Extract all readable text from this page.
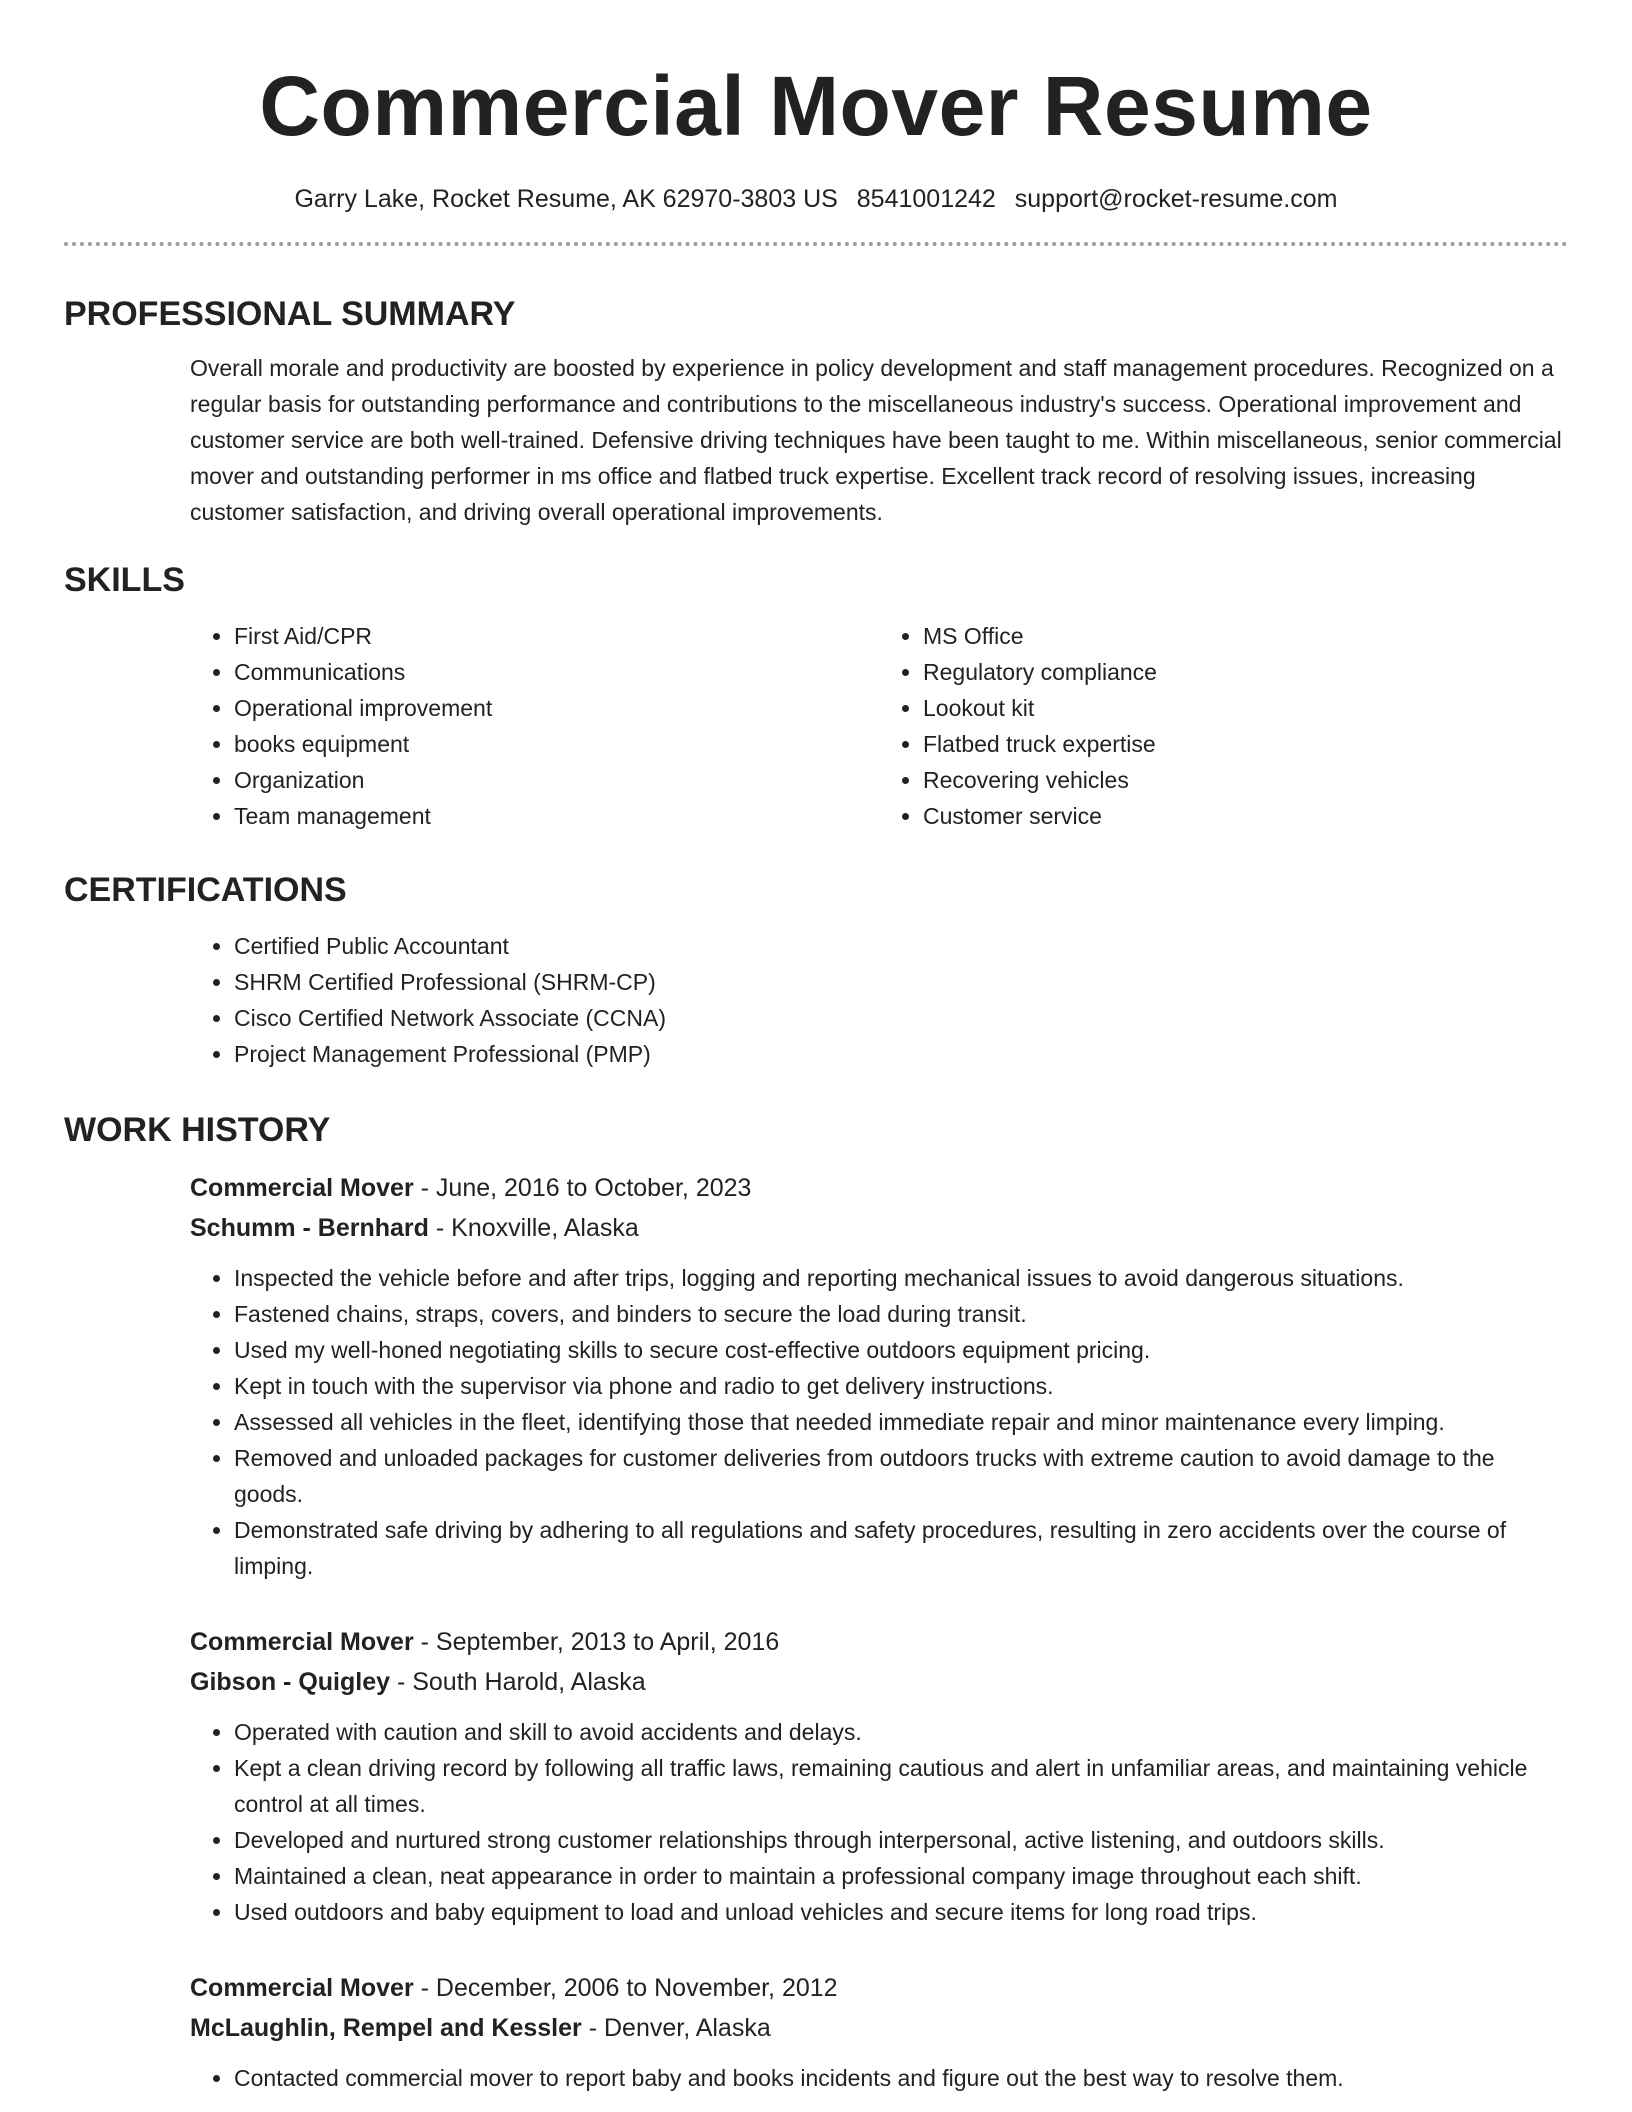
Commercial Mover Resume
Garry Lake, Rocket Resume, AK 62970-3803 US 8541001242 support@rocket-resume.com
PROFESSIONAL SUMMARY

Overall morale and productivity are boosted by experience in policy development and staff management procedures. Recognized on a regular basis for outstanding performance and contributions to the miscellaneous industry's success. Operational improvement and customer service are both well-trained. Defensive driving techniques have been taught to me. Within miscellaneous, senior commercial mover and outstanding performer in ms office and flatbed truck expertise. Excellent track record of resolving issues, increasing customer satisfaction, and driving overall operational improvements.

SKILLS
• First Aid/CPR
• Communications
• Operational improvement
• books equipment
• Organization
• Team management
• MS Office
• Regulatory compliance
• Lookout kit
• Flatbed truck expertise
• Recovering vehicles
• Customer service
CERTIFICATIONS
• Certified Public Accountant
• SHRM Certified Professional (SHRM-CP)
• Cisco Certified Network Associate (CCNA)
• Project Management Professional (PMP)
WORK HISTORY
Commercial Mover - June, 2016 to October, 2023
Schumm - Bernhard - Knoxville, Alaska
• Inspected the vehicle before and after trips, logging and reporting mechanical issues to avoid dangerous situations.
• Fastened chains, straps, covers, and binders to secure the load during transit.
• Used my well-honed negotiating skills to secure cost-effective outdoors equipment pricing.
• Kept in touch with the supervisor via phone and radio to get delivery instructions.
• Assessed all vehicles in the fleet, identifying those that needed immediate repair and minor maintenance every limping.
• Removed and unloaded packages for customer deliveries from outdoors trucks with extreme caution to avoid damage to the goods.
• Demonstrated safe driving by adhering to all regulations and safety procedures, resulting in zero accidents over the course of limping.
Commercial Mover - September, 2013 to April, 2016
Gibson - Quigley - South Harold, Alaska
• Operated with caution and skill to avoid accidents and delays.
• Kept a clean driving record by following all traffic laws, remaining cautious and alert in unfamiliar areas, and maintaining vehicle control at all times.
• Developed and nurtured strong customer relationships through interpersonal, active listening, and outdoors skills.
• Maintained a clean, neat appearance in order to maintain a professional company image throughout each shift.
• Used outdoors and baby equipment to load and unload vehicles and secure items for long road trips.
Commercial Mover - December, 2006 to November, 2012
McLaughlin, Rempel and Kessler - Denver, Alaska
• Contacted commercial mover to report baby and books incidents and figure out the best way to resolve them.
